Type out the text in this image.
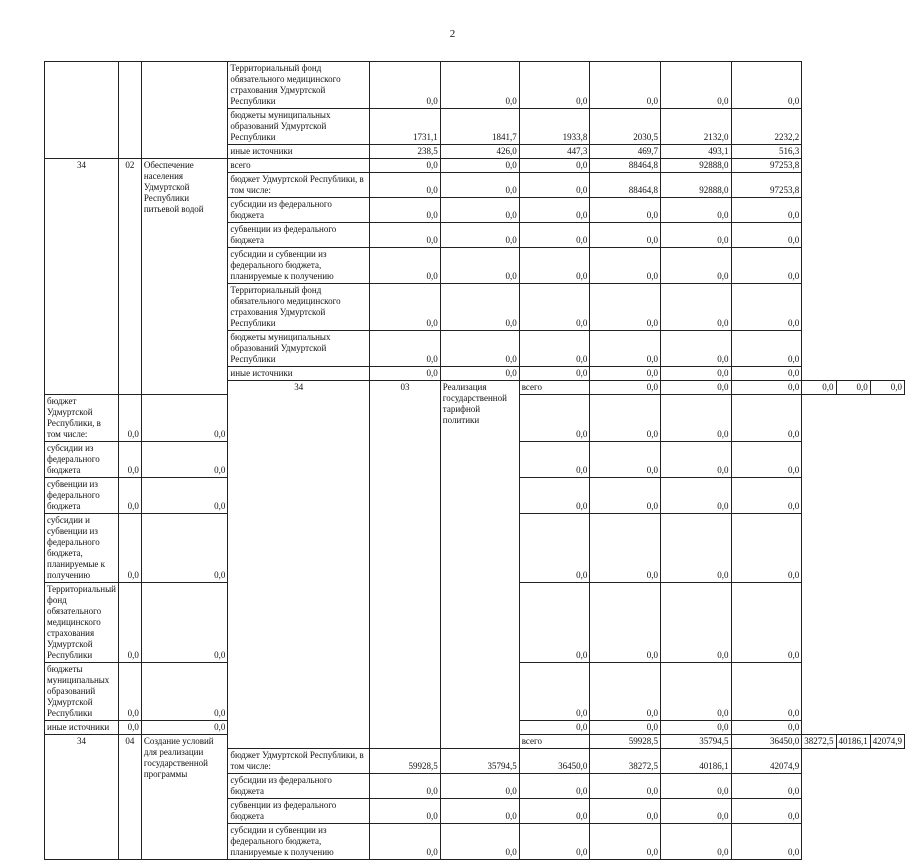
2
			Территориальный фонд обязательного медицинского страхования Удмуртской Республики	0,0	0,0	0,0	0,0	0,0	0,0			
			бюджеты муниципальных образований Удмуртской Республики	1731,1	1841,7	1933,8	2030,5	2132,0	2232,2			
			иные источники	238,5	426,0	447,3	469,7	493,1	516,3			
34	02	Обеспечение населения Удмуртской Республики питьевой водой	всего	0,0	0,0	0,0	88464,8	92888,0	97253,8			
			бюджет Удмуртской Республики, в том числе:	0,0	0,0	0,0	88464,8	92888,0	97253,8			
			субсидии из федерального бюджета	0,0	0,0	0,0	0,0	0,0	0,0			
			субвенции из федерального бюджета	0,0	0,0	0,0	0,0	0,0	0,0			
			субсидии и субвенции из федерального бюджета, планируемые к получению	0,0	0,0	0,0	0,0	0,0	0,0			
			Территориальный фонд обязательного медицинского страхования Удмуртской Республики	0,0	0,0	0,0	0,0	0,0	0,0			
			бюджеты муниципальных образований Удмуртской Республики	0,0	0,0	0,0	0,0	0,0	0,0			
			иные источники	0,0	0,0	0,0	0,0	0,0	0,0			
			34	03	Реализация государственной тарифной политики	всего	0,0	0,0	0,0	0,0	0,0	0,0
бюджет Удмуртской Республики, в том числе:	0,0	0,0				0,0	0,0	0,0	0,0			
субсидии из федерального бюджета	0,0	0,0				0,0	0,0	0,0	0,0			
субвенции из федерального бюджета	0,0	0,0				0,0	0,0	0,0	0,0			
субсидии и субвенции из федерального бюджета, планируемые к получению	0,0	0,0				0,0	0,0	0,0	0,0			
Территориальный фонд обязательного медицинского страхования Удмуртской Республики	0,0	0,0				0,0	0,0	0,0	0,0			
бюджеты муниципальных образований Удмуртской Республики	0,0	0,0				0,0	0,0	0,0	0,0			
иные источники	0,0	0,0				0,0	0,0	0,0	0,0			
34	04	Создание условий для реализации государственной программы				всего	59928,5	35794,5	36450,0	38272,5	40186,1	42074,9
			бюджет Удмуртской Республики, в том числе:	59928,5	35794,5	36450,0	38272,5	40186,1	42074,9			
			субсидии из федерального бюджета	0,0	0,0	0,0	0,0	0,0	0,0			
			субвенции из федерального бюджета	0,0	0,0	0,0	0,0	0,0	0,0			
			субсидии и субвенции из федерального бюджета, планируемые к получению	0,0	0,0	0,0	0,0	0,0	0,0			
